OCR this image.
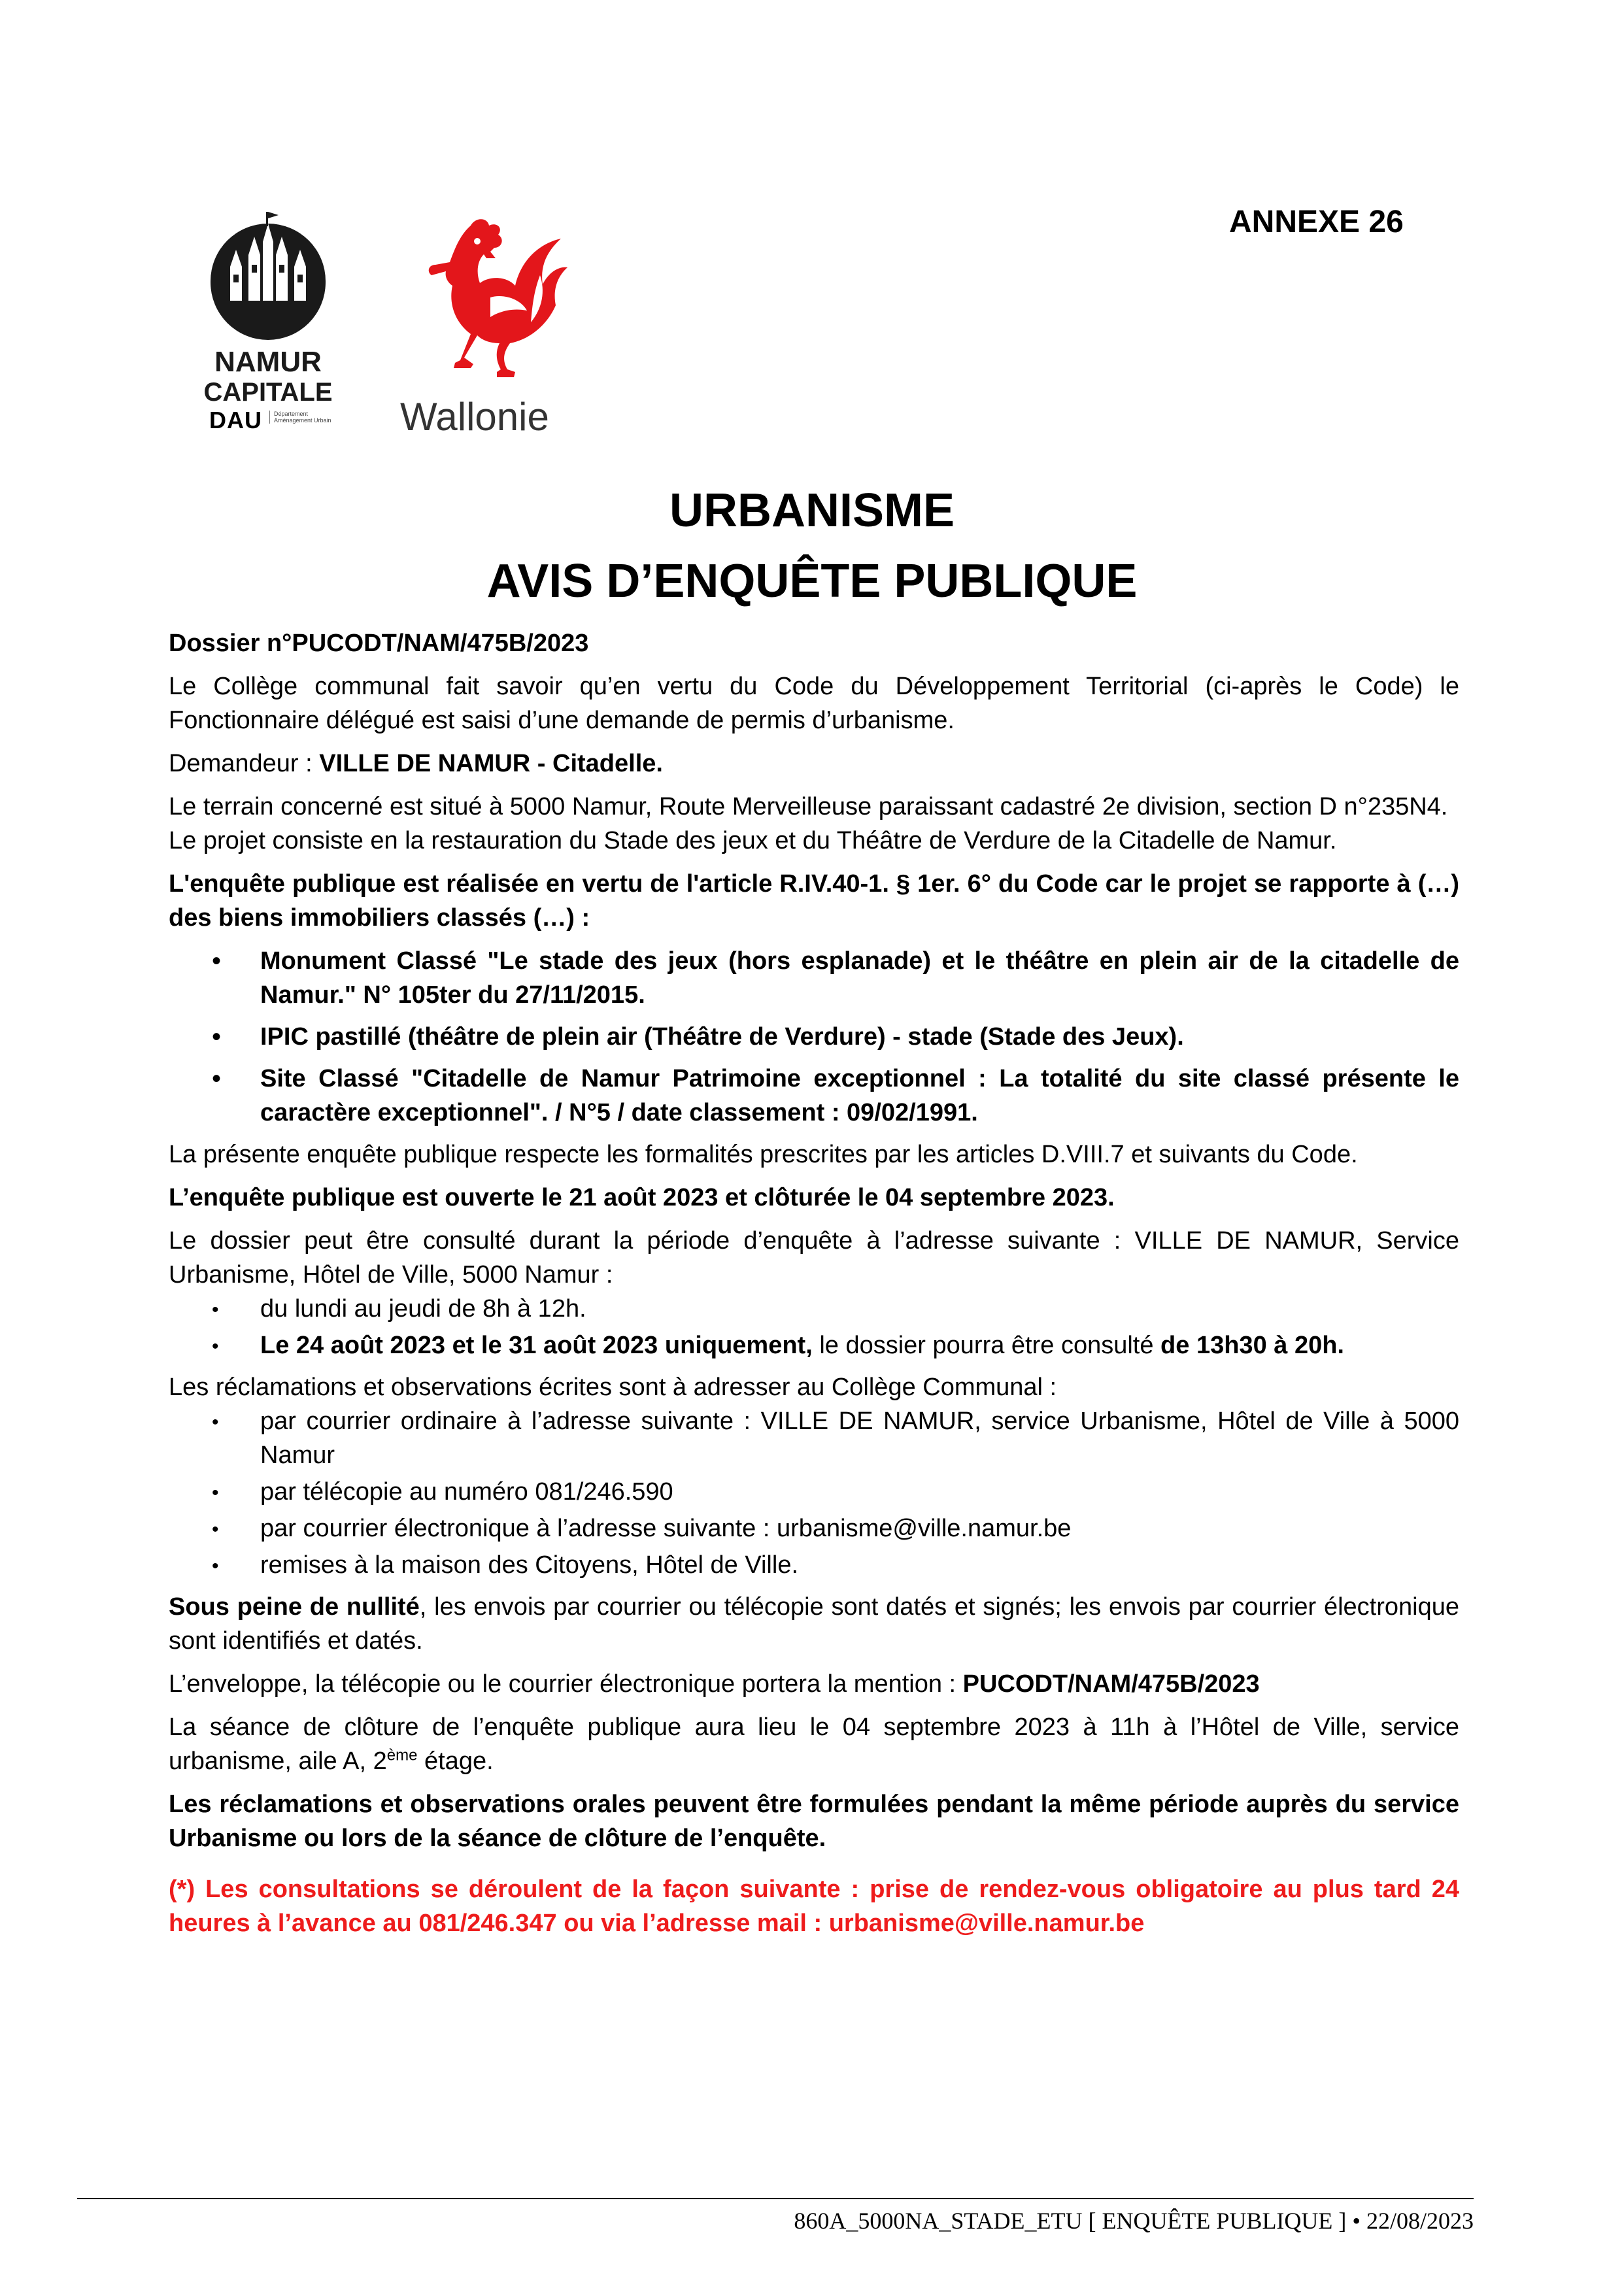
ANNEXE 26
NAMUR
CAPITALE
DAU	Département Aménagement Urbain Wallonie
URBANISME
AVIS D’ENQUÊTE PUBLIQUE

Dossier n°PUCODT/NAM/475B/2023

Le Collège communal fait savoir qu’en vertu du Code du Développement Territorial (ci-après le Code) le Fonctionnaire délégué est saisi d’une demande de permis d’urbanisme.

Demandeur : VILLE DE NAMUR - Citadelle.

Le terrain concerné est situé à 5000 Namur, Route Merveilleuse paraissant cadastré 2e division, section D n°235N4.

Le projet consiste en la restauration du Stade des jeux et du Théâtre de Verdure de la Citadelle de Namur.

L'enquête publique est réalisée en vertu de l'article R.IV.40-1. § 1er. 6° du Code car le projet se rapporte à (…) des biens immobiliers classés (…) :

• Monument Classé "Le stade des jeux (hors esplanade) et le théâtre en plein air de la citadelle de Namur." N° 105ter du 27/11/2015.
• IPIC pastillé (théâtre de plein air (Théâtre de Verdure) - stade (Stade des Jeux).
• Site Classé "Citadelle de Namur Patrimoine exceptionnel : La totalité du site classé présente le caractère exceptionnel". / N°5 / date classement : 09/02/1991.

La présente enquête publique respecte les formalités prescrites par les articles D.VIII.7 et suivants du Code.

L’enquête publique est ouverte le 21 août 2023 et clôturée le 04 septembre 2023.

Le dossier peut être consulté durant la période d’enquête à l’adresse suivante : VILLE DE NAMUR, Service Urbanisme, Hôtel de Ville, 5000 Namur :

• du lundi au jeudi de 8h à 12h.
• Le 24 août 2023 et le 31 août 2023 uniquement, le dossier pourra être consulté de 13h30 à 20h.

Les réclamations et observations écrites sont à adresser au Collège Communal :

• par courrier ordinaire à l’adresse suivante : VILLE DE NAMUR, service Urbanisme, Hôtel de Ville à 5000 Namur
• par télécopie au numéro 081/246.590
• par courrier électronique à l’adresse suivante : urbanisme@ville.namur.be
• remises à la maison des Citoyens, Hôtel de Ville.

Sous peine de nullité, les envois par courrier ou télécopie sont datés et signés; les envois par courrier électronique sont identifiés et datés.

L’enveloppe, la télécopie ou le courrier électronique portera la mention : PUCODT/NAM/475B/2023

La séance de clôture de l’enquête publique aura lieu le 04 septembre 2023 à 11h à l’Hôtel de Ville, service urbanisme, aile A, 2ème étage.

Les réclamations et observations orales peuvent être formulées pendant la même période auprès du service Urbanisme ou lors de la séance de clôture de l’enquête.

(*) Les consultations se déroulent de la façon suivante : prise de rendez-vous obligatoire au plus tard 24 heures à l’avance au 081/246.347 ou via l’adresse mail : urbanisme@ville.namur.be

860A_5000NA_STADE_ETU [ ENQUÊTE PUBLIQUE ] • 22/08/2023
